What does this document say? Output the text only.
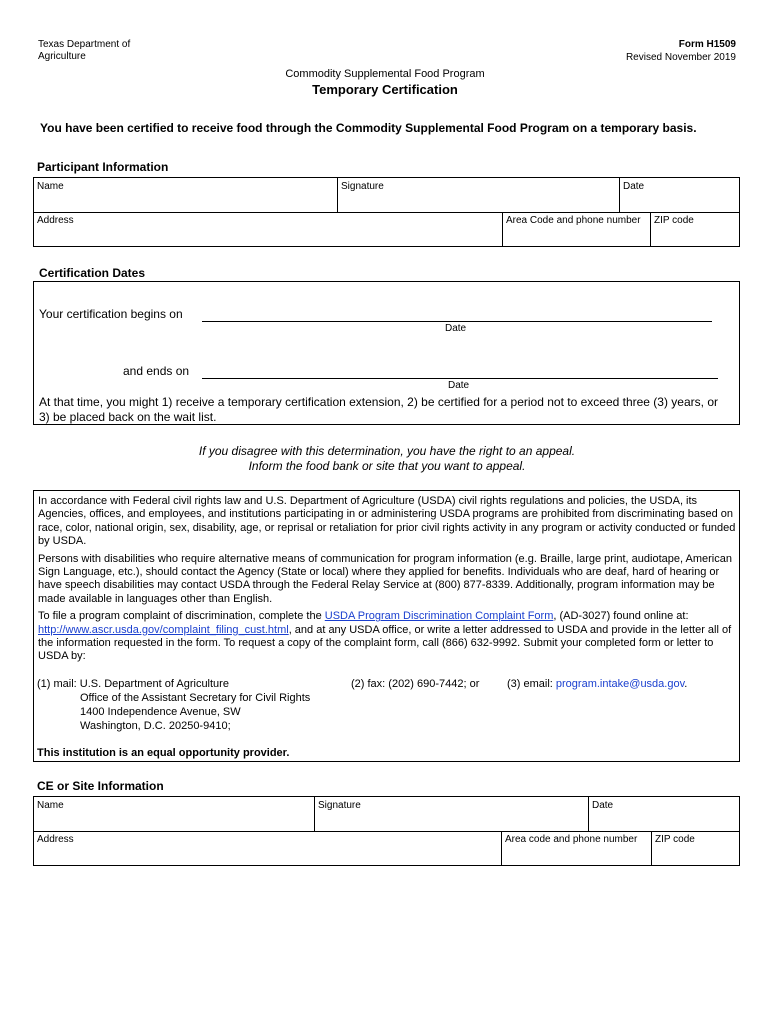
Texas Department of
Agriculture
Form H1509
Revised November 2019
Commodity Supplemental Food Program
Temporary Certification
You have been certified to receive food through the Commodity Supplemental Food Program on a temporary basis.
Participant Information
Name	Signature	Date
Address	Area Code and phone number ZIP code
Certification Dates
Your certification begins on
Date
and ends on
Date
At that time, you might 1) receive a temporary certification extension, 2) be certified for a period not to exceed three (3) years, or 3) be placed back on the wait list.
If you disagree with this determination, you have the right to an appeal.
Inform the food bank or site that you want to appeal.

In accordance with Federal civil rights law and U.S. Department of Agriculture (USDA) civil rights regulations and policies, the USDA, its Agencies, offices, and employees, and institutions participating in or administering USDA programs are prohibited from discriminating based on race, color, national origin, sex, disability, age, or reprisal or retaliation for prior civil rights activity in any program or activity conducted or funded by USDA.

Persons with disabilities who require alternative means of communication for program information (e.g. Braille, large print, audiotape, American Sign Language, etc.), should contact the Agency (State or local) where they applied for benefits. Individuals who are deaf, hard of hearing or have speech disabilities may contact USDA through the Federal Relay Service at (800) 877-8339. Additionally, program information may be made available in languages other than English.

To file a program complaint of discrimination, complete the USDA Program Discrimination Complaint Form, (AD-3027) found online at: http://www.ascr.usda.gov/complaint_filing_cust.html, and at any USDA office, or write a letter addressed to USDA and provide in the letter all of the information requested in the form. To request a copy of the complaint form, call (866) 632-9992. Submit your completed form or letter to USDA by:

(1) mail: U.S. Department of Agriculture
Office of the Assistant Secretary for Civil Rights
1400 Independence Avenue, SW
Washington, D.C. 20250-9410;
(2) fax: (202) 690-7442; or	(3) email: program.intake@usda.gov.
This institution is an equal opportunity provider.
CE or Site Information
Name	Signature	Date
Address	Area code and phone number ZIP code
